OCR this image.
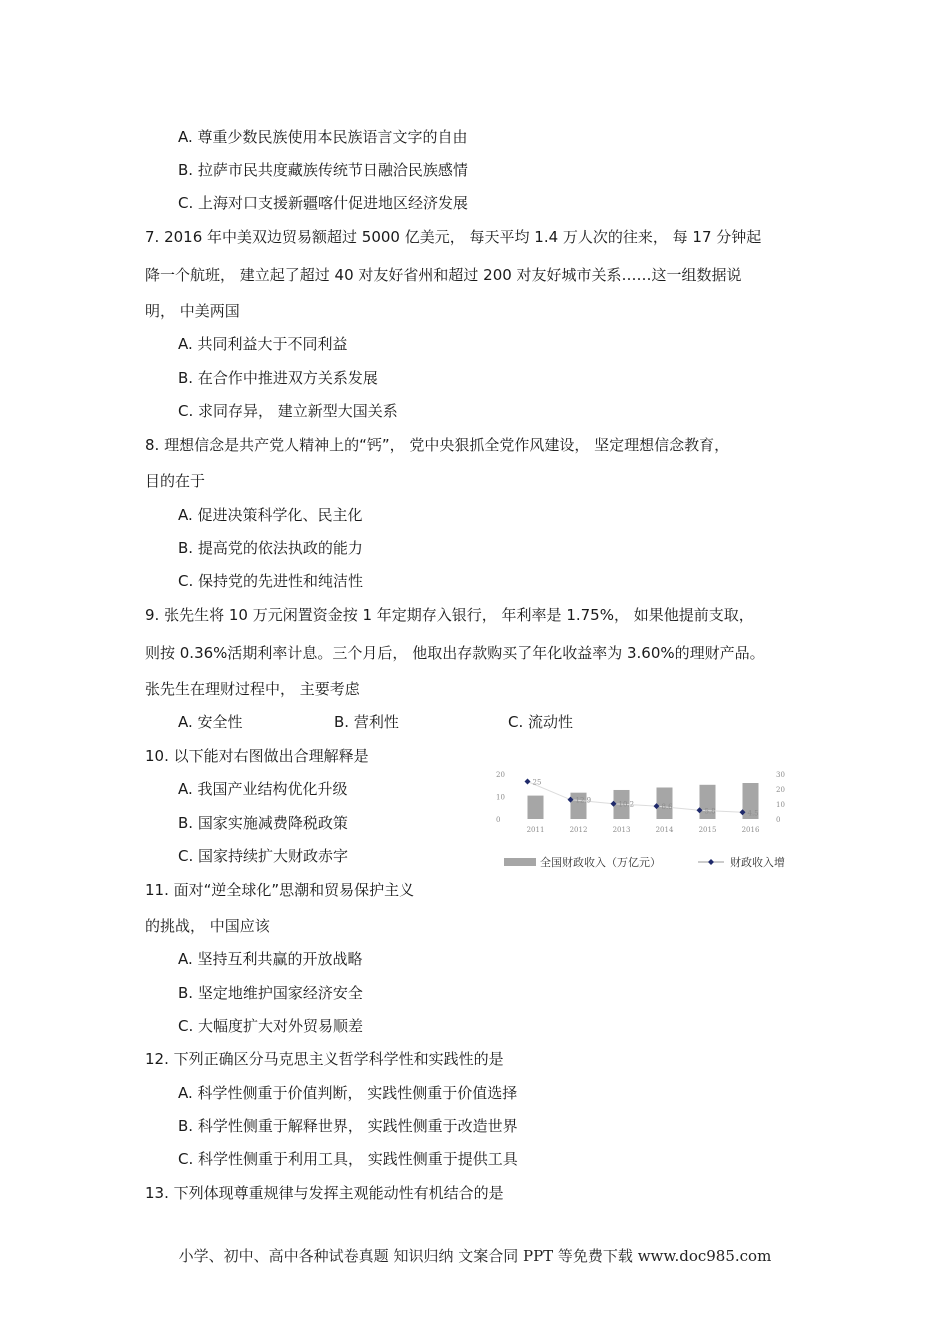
A. 尊重少数民族使用本民族语言文字的自由
B. 拉萨市民共度藏族传统节日融洽民族感情
C. 上海对口支援新疆喀什促进地区经济发展
7. 2016 年中美双边贸易额超过 5000 亿美元， 每天平均 1.4 万人次的往来， 每 17 分钟起
降一个航班， 建立起了超过 40 对友好省州和超过 200 对友好城市关系……这一组数据说
明， 中美两国
A. 共同利益大于不同利益
B. 在合作中推进双方关系发展
C. 求同存异， 建立新型大国关系
8. 理想信念是共产党人精神上的“钙”， 党中央狠抓全党作风建设， 坚定理想信念教育，
目的在于
A. 促进决策科学化、民主化
B. 提高党的依法执政的能力
C. 保持党的先进性和纯洁性
9. 张先生将 10 万元闲置资金按 1 年定期存入银行， 年利率是 1.75%， 如果他提前支取，
则按 0.36%活期利率计息。三个月后， 他取出存款购买了年化收益率为 3.60%的理财产品。
张先生在理财过程中， 主要考虑
10. 以下能对右图做出合理解释是
A. 我国产业结构优化升级
B. 国家实施减费降税政策
C. 国家持续扩大财政赤字
11. 面对“逆全球化”思潮和贸易保护主义
的挑战， 中国应该
A. 坚持互利共赢的开放战略
B. 坚定地维护国家经济安全
C. 大幅度扩大对外贸易顺差
12. 下列正确区分马克思主义哲学科学性和实践性的是
A. 科学性侧重于价值判断， 实践性侧重于价值选择
B. 科学性侧重于解释世界， 实践性侧重于改造世界
C. 科学性侧重于利用工具， 实践性侧重于提供工具
13. 下列体现尊重规律与发挥主观能动性有机结合的是
A. 安全性	B. 营利性	C. 流动性
20
10
0
30
20
10
0
25
12.9
10.2	8.6
5.8	4.5
2011	2012	2013	2014	2015	2016
全国财政收入（万亿元）	财政收入增
小学、初中、高中各种试卷真题 知识归纳 文案合同 PPT 等免费下载 www.doc985.com
